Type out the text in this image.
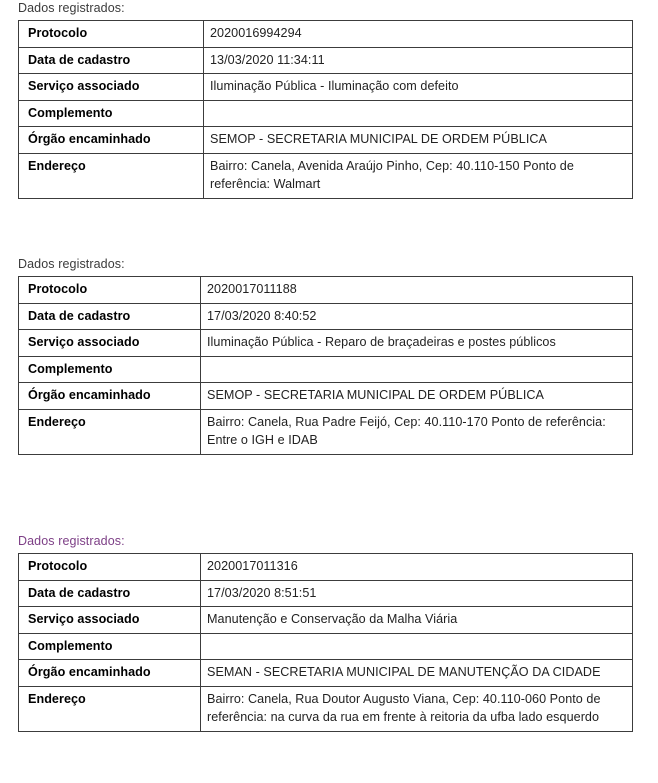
Dados registrados:
Protocolo	2020016994294
Data de cadastro	13/03/2020 11:34:11
Serviço associado	Iluminação Pública - Iluminação com defeito
Complemento	
Órgão encaminhado	SEMOP - SECRETARIA MUNICIPAL DE ORDEM PÚBLICA
Endereço	Bairro: Canela, Avenida Araújo Pinho, Cep: 40.110-150 Ponto de referência: Walmart
Dados registrados:
Protocolo	2020017011188
Data de cadastro	17/03/2020 8:40:52
Serviço associado	Iluminação Pública - Reparo de braçadeiras e postes públicos
Complemento	
Órgão encaminhado	SEMOP - SECRETARIA MUNICIPAL DE ORDEM PÚBLICA
Endereço	Bairro: Canela, Rua Padre Feijó, Cep: 40.110-170 Ponto de referência: Entre o IGH e IDAB
Dados registrados:
Protocolo	2020017011316
Data de cadastro	17/03/2020 8:51:51
Serviço associado	Manutenção e Conservação da Malha Viária
Complemento	
Órgão encaminhado	SEMAN - SECRETARIA MUNICIPAL DE MANUTENÇÃO DA CIDADE
Endereço	Bairro: Canela, Rua Doutor Augusto Viana, Cep: 40.110-060 Ponto de referência: na curva da rua em frente à reitoria da ufba lado esquerdo
